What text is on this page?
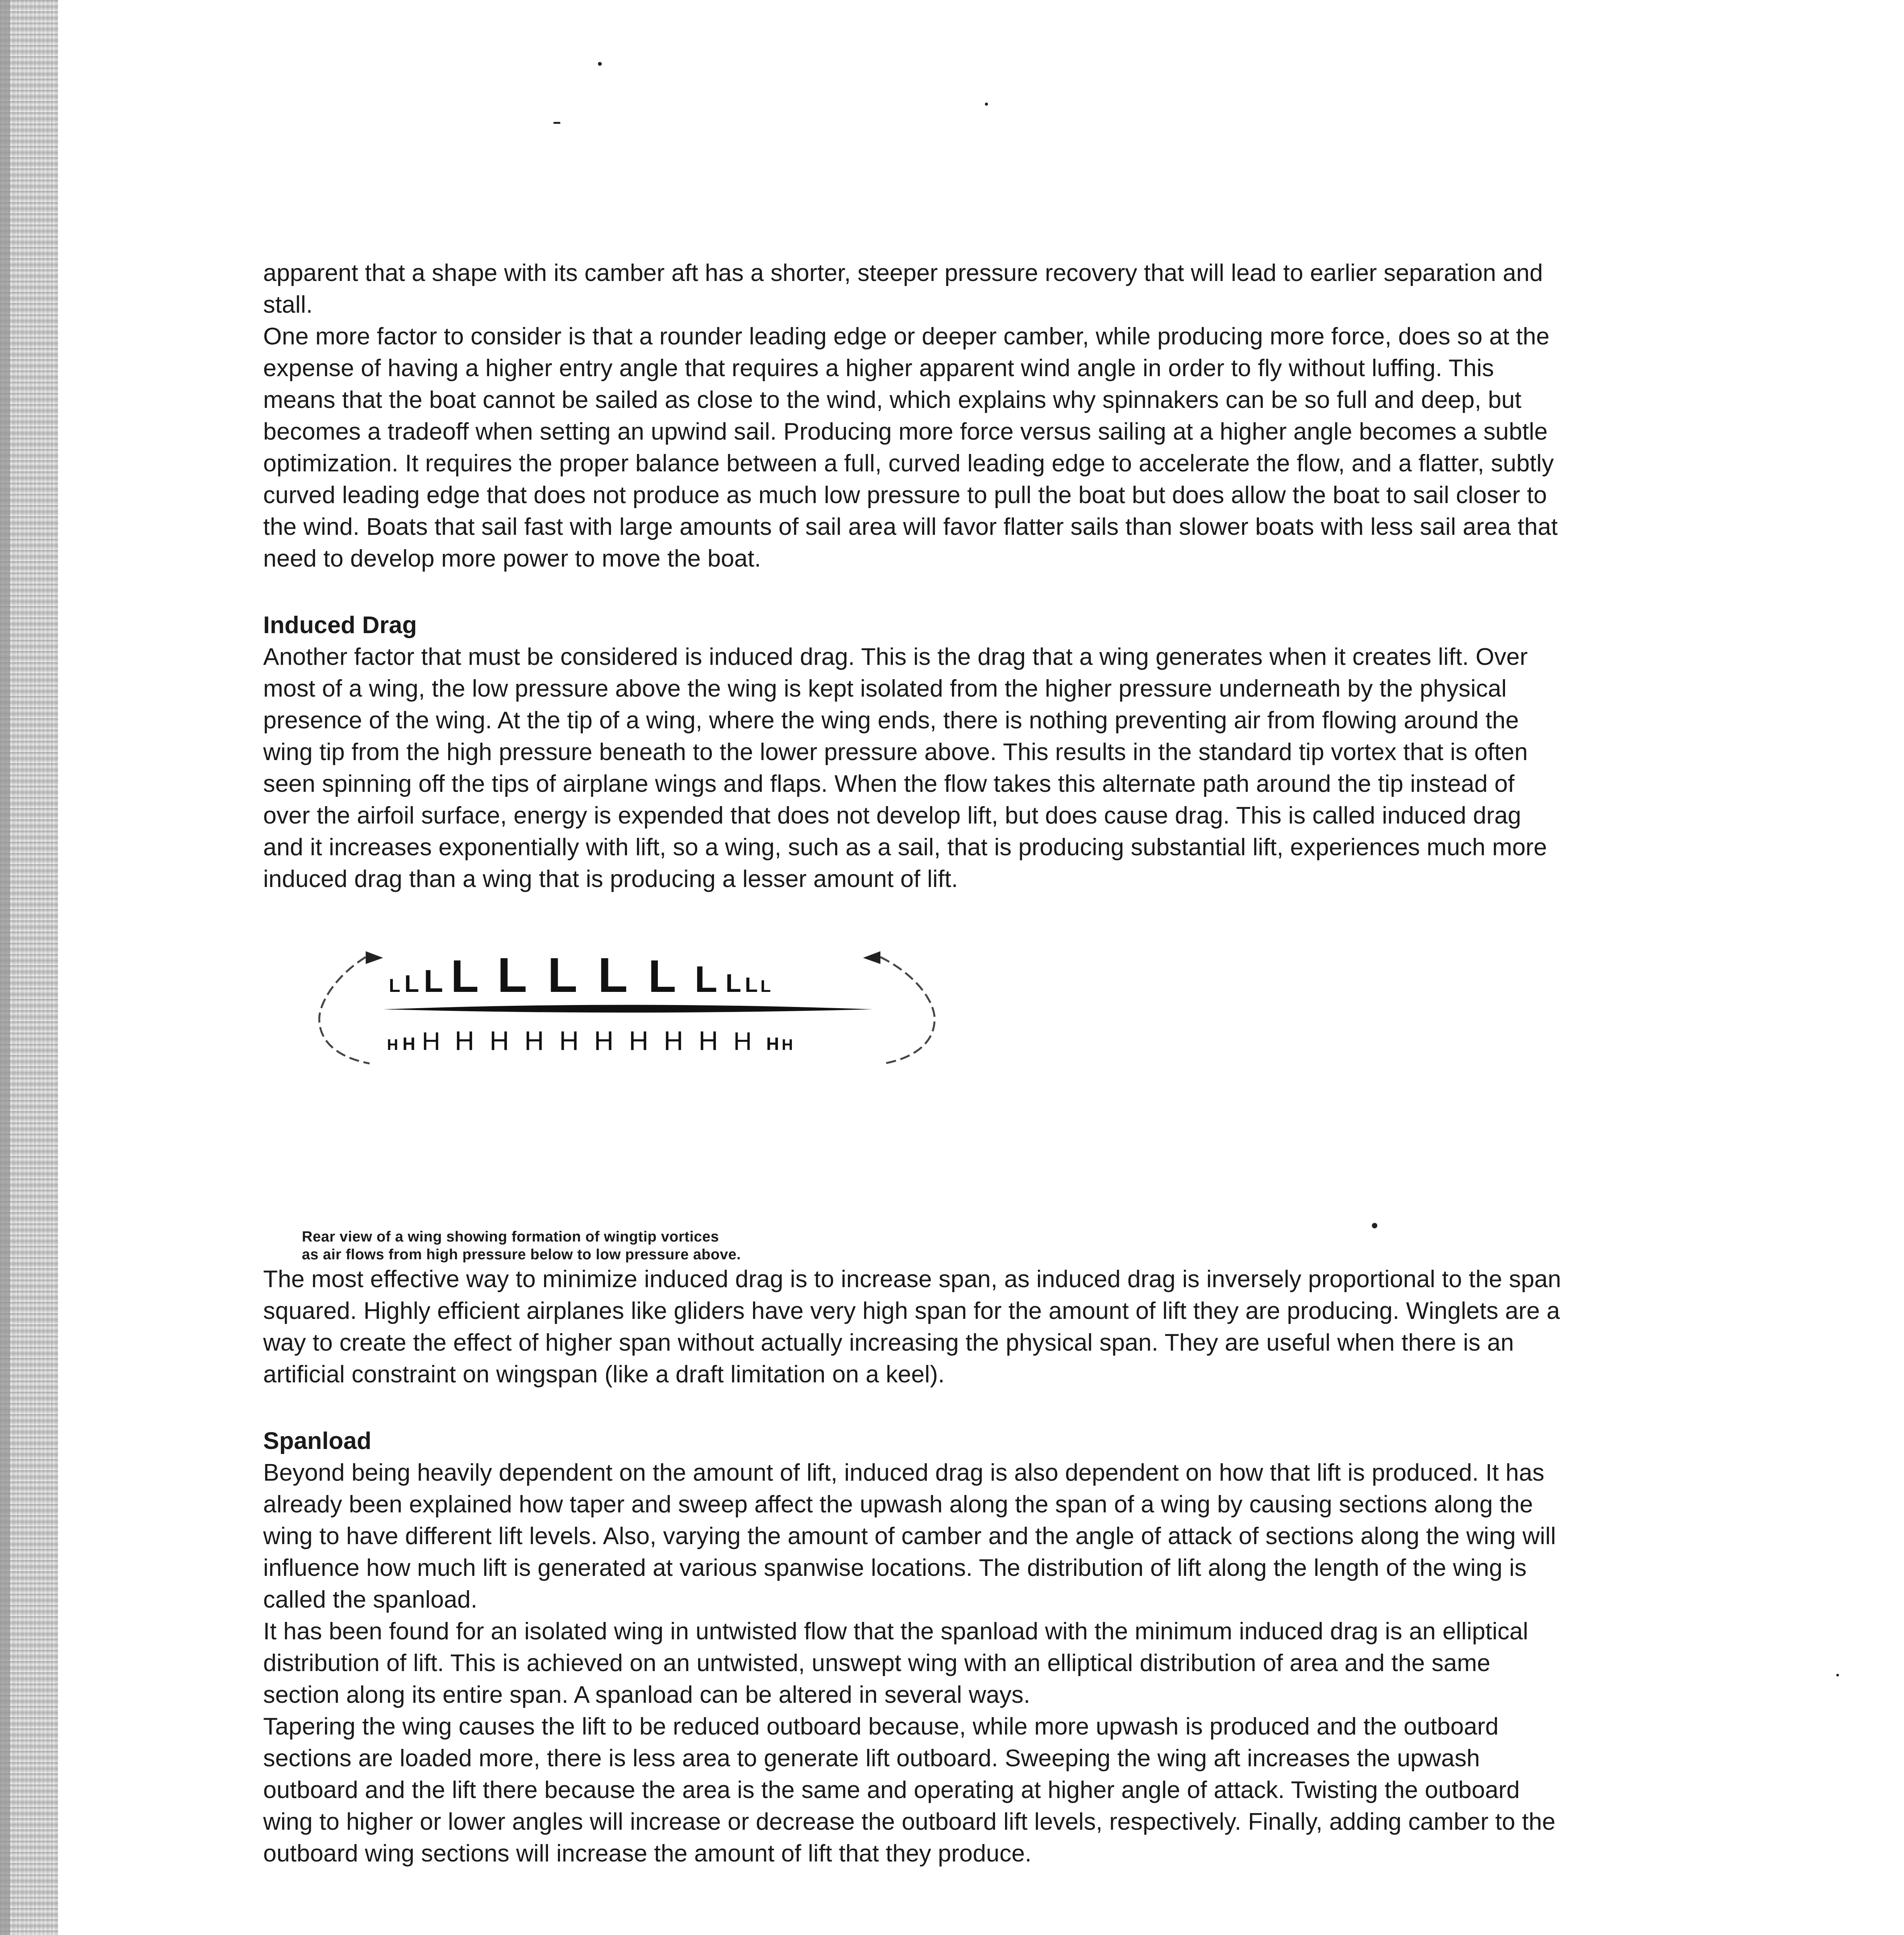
apparent that a shape with its camber aft has a shorter, steeper pressure recovery that will lead to earlier separation and stall.

One more factor to consider is that a rounder leading edge or deeper camber, while producing more force, does so at the expense of having a higher entry angle that requires a higher apparent wind angle in order to fly without luffing. This means that the boat cannot be sailed as close to the wind, which explains why spinnakers can be so full and deep, but becomes a tradeoff when setting an upwind sail. Producing more force versus sailing at a higher angle becomes a subtle optimization. It requires the proper balance between a full, curved leading edge to accelerate the flow, and a flatter, subtly curved leading edge that does not produce as much low pressure to pull the boat but does allow the boat to sail closer to the wind. Boats that sail fast with large amounts of sail area will favor flatter sails than slower boats with less sail area that need to develop more power to move the boat.

Induced Drag

Another factor that must be considered is induced drag. This is the drag that a wing generates when it creates lift. Over most of a wing, the low pressure above the wing is kept isolated from the higher pressure underneath by the physical presence of the wing. At the tip of a wing, where the wing ends, there is nothing preventing air from flowing around the wing tip from the high pressure beneath to the lower pressure above. This results in the standard tip vortex that is often seen spinning off the tips of airplane wings and flaps. When the flow takes this alternate path around the tip instead of over the airfoil surface, energy is expended that does not develop lift, but does cause drag. This is called induced drag and it increases exponentially with lift, so a wing, such as a sail, that is producing substantial lift, experiences much more induced drag than a wing that is producing a lesser amount of lift.

L L L L L L L L L L L L
H H H H H H H H H H H H H H
Rear view of a wing showing formation of wingtip vortices
as air flows from high pressure below to low pressure above.

The most effective way to minimize induced drag is to increase span, as induced drag is inversely proportional to the span squared. Highly efficient airplanes like gliders have very high span for the amount of lift they are producing. Winglets are a way to create the effect of higher span without actually increasing the physical span. They are useful when there is an artificial constraint on wingspan (like a draft limitation on a keel).

Spanload

Beyond being heavily dependent on the amount of lift, induced drag is also dependent on how that lift is produced. It has already been explained how taper and sweep affect the upwash along the span of a wing by causing sections along the wing to have different lift levels. Also, varying the amount of camber and the angle of attack of sections along the wing will influence how much lift is generated at various spanwise locations. The distribution of lift along the length of the wing is called the spanload.

It has been found for an isolated wing in untwisted flow that the spanload with the minimum induced drag is an elliptical distribution of lift. This is achieved on an untwisted, unswept wing with an elliptical distribution of area and the same section along its entire span. A spanload can be altered in several ways.

Tapering the wing causes the lift to be reduced outboard because, while more upwash is produced and the outboard sections are loaded more, there is less area to generate lift outboard. Sweeping the wing aft increases the upwash outboard and the lift there because the area is the same and operating at higher angle of attack. Twisting the outboard wing to higher or lower angles will increase or decrease the outboard lift levels, respectively. Finally, adding camber to the outboard wing sections will increase the amount of lift that they produce.
